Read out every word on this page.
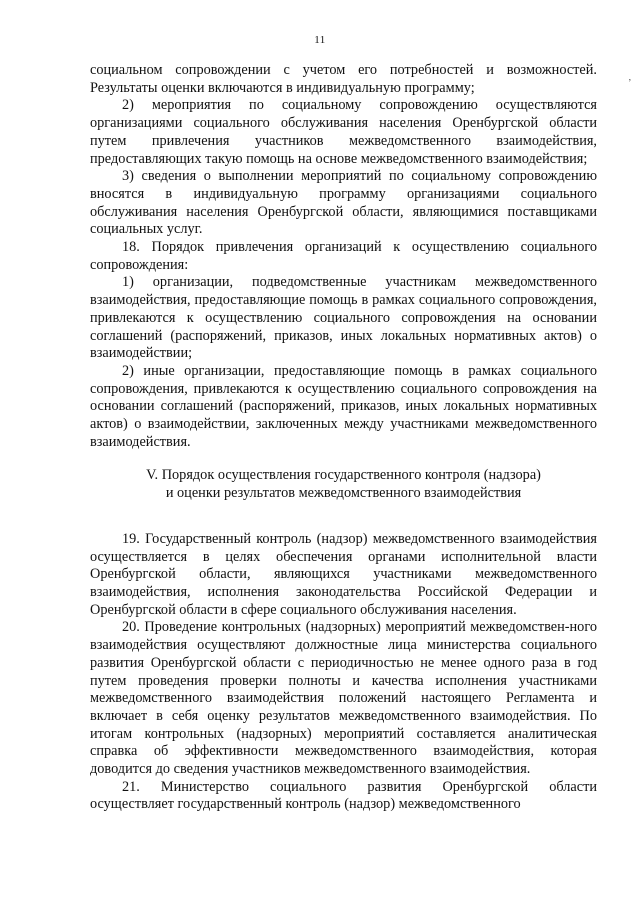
11
,

социальном сопровождении с учетом его потребностей и возможностей. Результаты оценки включаются в индивидуальную программу;

2) мероприятия по социальному сопровождению осуществляются организациями социального обслуживания населения Оренбургской области путем привлечения участников межведомственного взаимодействия, предоставляющих такую помощь на основе межведомственного взаимодействия;

3) сведения о выполнении мероприятий по социальному сопровождению вносятся в индивидуальную программу организациями социального обслуживания населения Оренбургской области, являющимися поставщиками социальных услуг.

18. Порядок привлечения организаций к осуществлению социального сопровождения:

1) организации, подведомственные участникам межведомственного взаимодействия, предоставляющие помощь в рамках социального сопровождения, привлекаются к осуществлению социального сопровождения на основании соглашений (распоряжений, приказов, иных локальных нормативных актов) о взаимодействии;

2) иные организации, предоставляющие помощь в рамках социального сопровождения, привлекаются к осуществлению социального сопровождения на основании соглашений (распоряжений, приказов, иных локальных нормативных актов) о взаимодействии, заключенных между участниками межведомственного взаимодействия.

V. Порядок осуществления государственного контроля (надзора)
и оценки результатов межведомственного взаимодействия

19. Государственный контроль (надзор) межведомственного взаимодействия осуществляется в целях обеспечения органами исполнительной власти Оренбургской области, являющихся участниками межведомственного взаимодействия, исполнения законодательства Российской Федерации и Оренбургской области в сфере социального обслуживания населения.

20. Проведение контрольных (надзорных) мероприятий межведомствен-ного взаимодействия осуществляют должностные лица министерства социального развития Оренбургской области с периодичностью не менее одного раза в год путем проведения проверки полноты и качества исполнения участниками межведомственного взаимодействия положений настоящего Регламента и включает в себя оценку результатов межведомственного взаимодействия. По итогам контрольных (надзорных) мероприятий составляется аналитическая справка об эффективности межведомственного взаимодействия, которая доводится до сведения участников межведомственного взаимодействия.

21. Министерство социального развития Оренбургской области осуществляет государственный контроль (надзор) межведомственного
